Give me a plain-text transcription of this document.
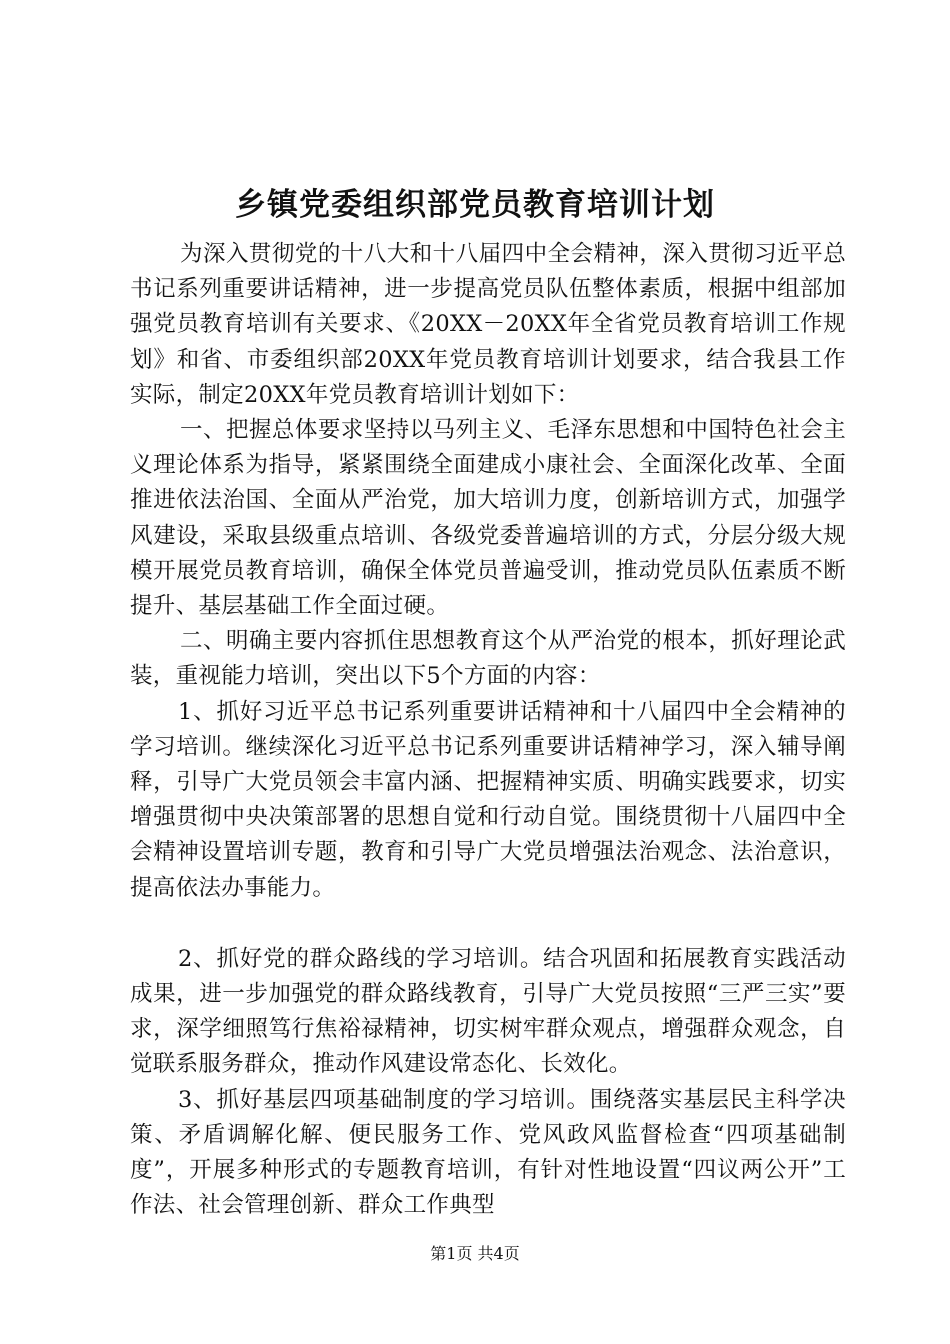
乡镇党委组织部党员教育培训计划

为深入贯彻党的十八大和十八届四中全会精神，深入贯彻习近平总书记系列重要讲话精神，进一步提高党员队伍整体素质，根据中组部加强党员教育培训有关要求、《20XX－20XX年全省党员教育培训工作规划》和省、市委组织部20XX年党员教育培训计划要求，结合我县工作实际，制定20XX年党员教育培训计划如下：

一、把握总体要求坚持以马列主义、毛泽东思想和中国特色社会主义理论体系为指导，紧紧围绕全面建成小康社会、全面深化改革、全面推进依法治国、全面从严治党，加大培训力度，创新培训方式，加强学风建设，采取县级重点培训、各级党委普遍培训的方式，分层分级大规模开展党员教育培训，确保全体党员普遍受训，推动党员队伍素质不断提升、基层基础工作全面过硬。

二、明确主要内容抓住思想教育这个从严治党的根本，抓好理论武装，重视能力培训，突出以下5个方面的内容：

1、抓好习近平总书记系列重要讲话精神和十八届四中全会精神的学习培训。继续深化习近平总书记系列重要讲话精神学习，深入辅导阐释，引导广大党员领会丰富内涵、把握精神实质、明确实践要求，切实增强贯彻中央决策部署的思想自觉和行动自觉。围绕贯彻十八届四中全会精神设置培训专题，教育和引导广大党员增强法治观念、法治意识，提高依法办事能力。

2、抓好党的群众路线的学习培训。结合巩固和拓展教育实践活动成果，进一步加强党的群众路线教育，引导广大党员按照“三严三实”要求，深学细照笃行焦裕禄精神，切实树牢群众观点，增强群众观念，自觉联系服务群众，推动作风建设常态化、长效化。

3、抓好基层四项基础制度的学习培训。围绕落实基层民主科学决策、矛盾调解化解、便民服务工作、党风政风监督检查“四项基础制度”，开展多种形式的专题教育培训，有针对性地设置“四议两公开”工作法、社会管理创新、群众工作典型

第1页 共4页
